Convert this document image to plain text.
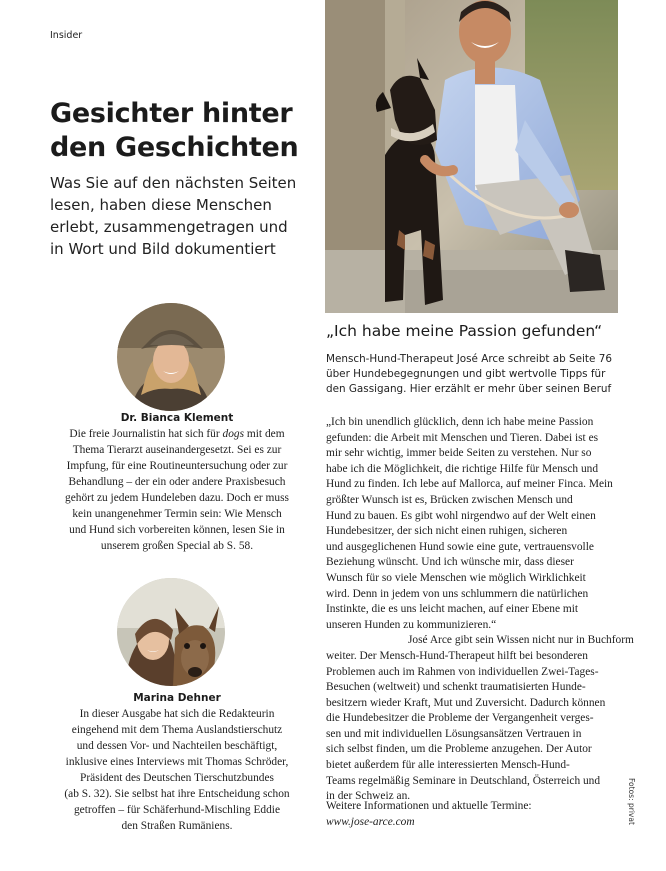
Insider
Gesichter hinter
den Geschichten
Was Sie auf den nächsten Seiten
lesen, haben diese Menschen
erlebt, zusammengetragen und
in Wort und Bild dokumentiert

Dr. Bianca Klement

Die freie Journalistin hat sich für dogs mit dem
Thema Tierarzt auseinandergesetzt. Sei es zur
Impfung, für eine Routineuntersuchung oder zur
Behandlung – der ein oder andere Praxisbesuch
gehört zu jedem Hundeleben dazu. Doch er muss
kein unangenehmer Termin sein: Wie Mensch
und Hund sich vorbereiten können, lesen Sie in
unserem großen Special ab S. 58.

Marina Dehner

In dieser Ausgabe hat sich die Redakteurin
eingehend mit dem Thema Auslandstierschutz
und dessen Vor- und Nachteilen beschäftigt,
inklusive eines Interviews mit Thomas Schröder,
Präsident des Deutschen Tierschutzbundes
(ab S. 32). Sie selbst hat ihre Entscheidung schon
getroffen – für Schäferhund-Mischling Eddie
den Straßen Rumäniens.
„Ich habe meine Passion gefunden“
Mensch-Hund-Therapeut José Arce schreibt ab Seite 76
über Hundebegegnungen und gibt wertvolle Tipps für
den Gassigang. Hier erzählt er mehr über seinen Beruf
„Ich bin unendlich glücklich, denn ich habe meine Passion
gefunden: die Arbeit mit Menschen und Tieren. Dabei ist es
mir sehr wichtig, immer beide Seiten zu verstehen. Nur so
habe ich die Möglichkeit, die richtige Hilfe für Mensch und
Hund zu finden. Ich lebe auf Mallorca, auf meiner Finca. Mein
größter Wunsch ist es, Brücken zwischen Mensch und
Hund zu bauen. Es gibt wohl nirgendwo auf der Welt einen
Hundebesitzer, der sich nicht einen ruhigen, sicheren
und ausgeglichenen Hund sowie eine gute, vertrauensvolle
Beziehung wünscht. Und ich wünsche mir, dass dieser
Wunsch für so viele Menschen wie möglich Wirklichkeit
wird. Denn in jedem von uns schlummern die natürlichen
Instinkte, die es uns leicht machen, auf einer Ebene mit
unseren Hunden zu kommunizieren.“
José Arce gibt sein Wissen nicht nur in Buchform
weiter. Der Mensch-Hund-Therapeut hilft bei besonderen
Problemen auch im Rahmen von individuellen Zwei-Tages-
Besuchen (weltweit) und schenkt traumatisierten Hunde-
besitzern wieder Kraft, Mut und Zuversicht. Dadurch können
die Hundebesitzer die Probleme der Vergangenheit verges-
sen und mit individuellen Lösungsansätzen Vertrauen in
sich selbst finden, um die Probleme anzugehen. Der Autor
bietet außerdem für alle interessierten Mensch-Hund-
Teams regelmäßig Seminare in Deutschland, Österreich und
in der Schweiz an.
Weitere Informationen und aktuelle Termine:
www.jose-arce.com	Fotos: privat
